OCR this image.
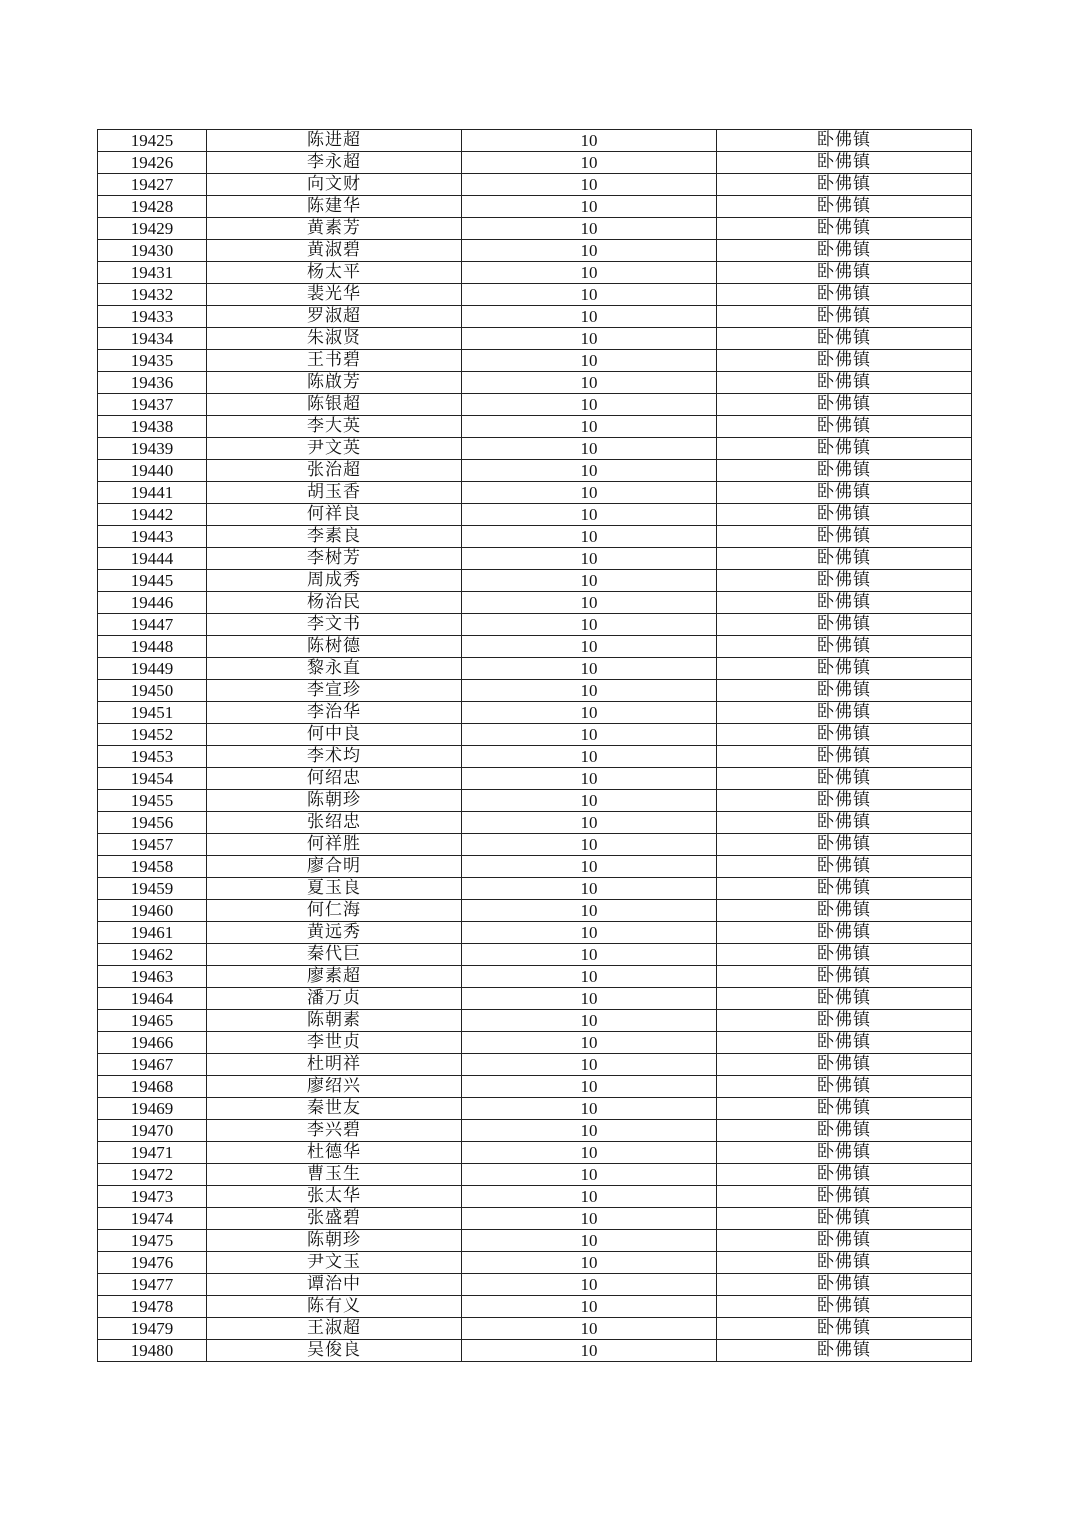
19425	陈进超	10	卧佛镇
19426	李永超	10	卧佛镇
19427	向文财	10	卧佛镇
19428	陈建华	10	卧佛镇
19429	黄素芳	10	卧佛镇
19430	黄淑碧	10	卧佛镇
19431	杨太平	10	卧佛镇
19432	裴光华	10	卧佛镇
19433	罗淑超	10	卧佛镇
19434	朱淑贤	10	卧佛镇
19435	王书碧	10	卧佛镇
19436	陈啟芳	10	卧佛镇
19437	陈银超	10	卧佛镇
19438	李大英	10	卧佛镇
19439	尹文英	10	卧佛镇
19440	张治超	10	卧佛镇
19441	胡玉香	10	卧佛镇
19442	何祥良	10	卧佛镇
19443	李素良	10	卧佛镇
19444	李树芳	10	卧佛镇
19445	周成秀	10	卧佛镇
19446	杨治民	10	卧佛镇
19447	李文书	10	卧佛镇
19448	陈树德	10	卧佛镇
19449	黎永直	10	卧佛镇
19450	李宣珍	10	卧佛镇
19451	李治华	10	卧佛镇
19452	何中良	10	卧佛镇
19453	李术均	10	卧佛镇
19454	何绍忠	10	卧佛镇
19455	陈朝珍	10	卧佛镇
19456	张绍忠	10	卧佛镇
19457	何祥胜	10	卧佛镇
19458	廖合明	10	卧佛镇
19459	夏玉良	10	卧佛镇
19460	何仁海	10	卧佛镇
19461	黄远秀	10	卧佛镇
19462	秦代巨	10	卧佛镇
19463	廖素超	10	卧佛镇
19464	潘万贞	10	卧佛镇
19465	陈朝素	10	卧佛镇
19466	李世贞	10	卧佛镇
19467	杜明祥	10	卧佛镇
19468	廖绍兴	10	卧佛镇
19469	秦世友	10	卧佛镇
19470	李兴碧	10	卧佛镇
19471	杜德华	10	卧佛镇
19472	曹玉生	10	卧佛镇
19473	张太华	10	卧佛镇
19474	张盛碧	10	卧佛镇
19475	陈朝珍	10	卧佛镇
19476	尹文玉	10	卧佛镇
19477	谭治中	10	卧佛镇
19478	陈有义	10	卧佛镇
19479	王淑超	10	卧佛镇
19480	吴俊良	10	卧佛镇
